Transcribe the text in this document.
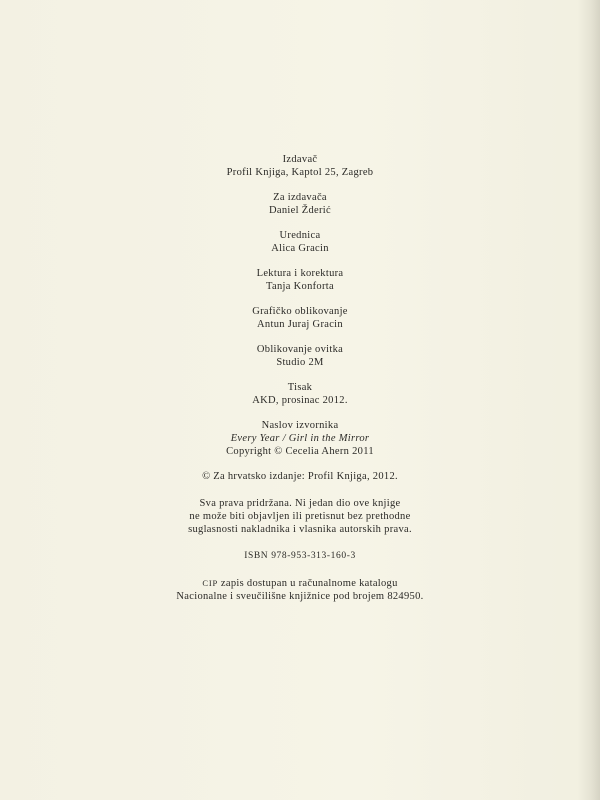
Izdavač
Profil Knjiga, Kaptol 25, Zagreb
Za izdavača
Daniel Žderić
Urednica
Alica Gracin
Lektura i korektura
Tanja Konforta
Grafičko oblikovanje
Antun Juraj Gracin
Oblikovanje ovitka
Studio 2M
Tisak
AKD, prosinac 2012.
Naslov izvornika
Every Year / Girl in the Mirror
Copyright © Cecelia Ahern 2011
© Za hrvatsko izdanje: Profil Knjiga, 2012.
Sva prava pridržana. Ni jedan dio ove knjige
ne može biti objavljen ili pretisnut bez prethodne
suglasnosti nakladnika i vlasnika autorskih prava.
ISBN 978-953-313-160-3
CIP zapis dostupan u računalnome katalogu
Nacionalne i sveučilišne knjižnice pod brojem 824950.
